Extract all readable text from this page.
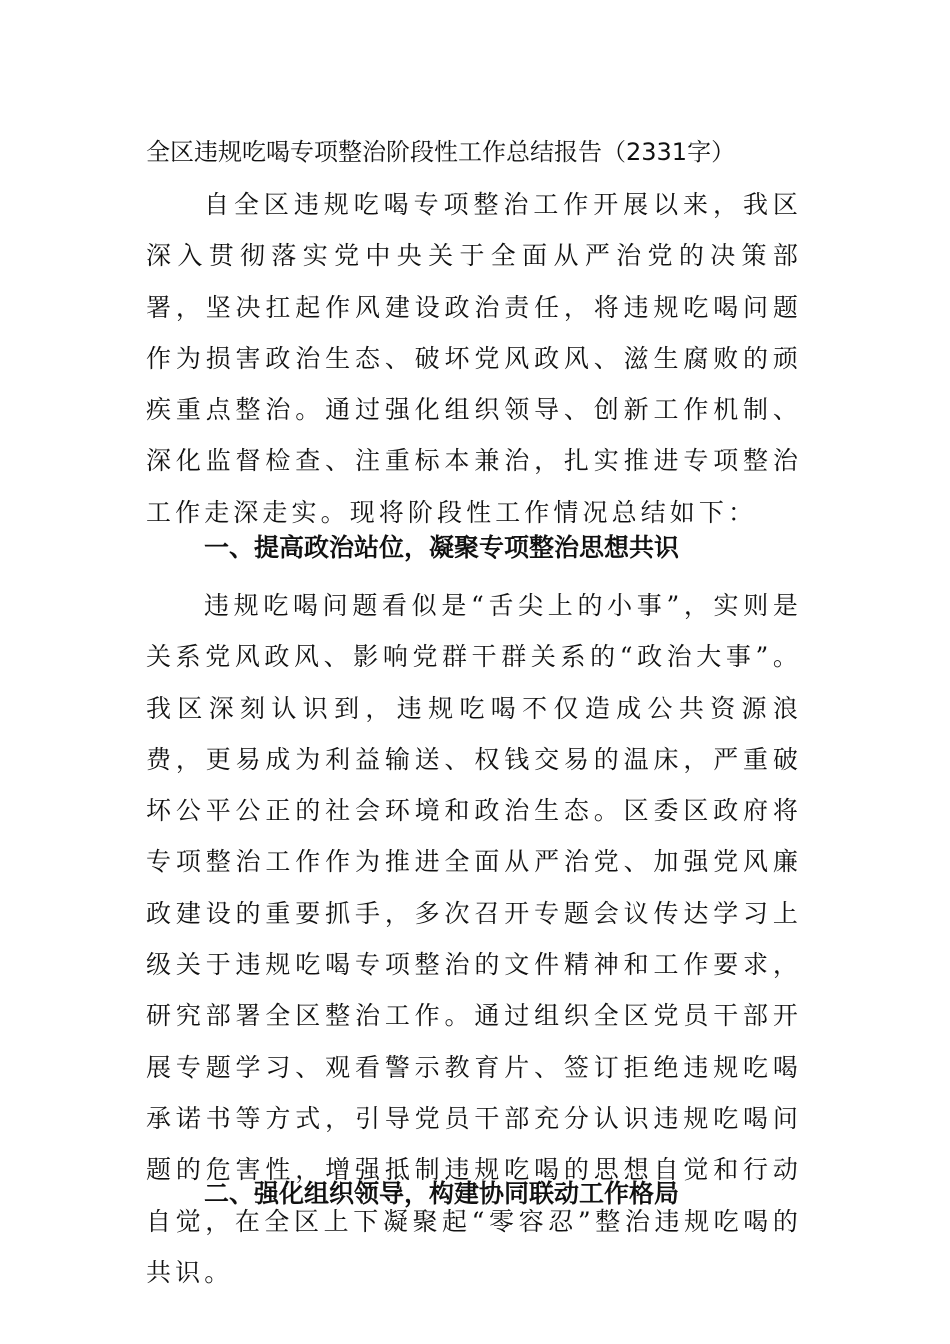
全区违规吃喝专项整治阶段性工作总结报告（2331字）

自全区违规吃喝专项整治工作开展以来，我区深入贯彻落实党中央关于全面从严治党的决策部署，坚决扛起作风建设政治责任，将违规吃喝问题作为损害政治生态、破坏党风政风、滋生腐败的顽疾重点整治。通过强化组织领导、创新工作机制、深化监督检查、注重标本兼治，扎实推进专项整治工作走深走实。现将阶段性工作情况总结如下：

一、提高政治站位，凝聚专项整治思想共识

违规吃喝问题看似是“舌尖上的小事”，实则是关系党风政风、影响党群干群关系的“政治大事”。我区深刻认识到，违规吃喝不仅造成公共资源浪费，更易成为利益输送、权钱交易的温床，严重破坏公平公正的社会环境和政治生态。区委区政府将专项整治工作作为推进全面从严治党、加强党风廉政建设的重要抓手，多次召开专题会议传达学习上级关于违规吃喝专项整治的文件精神和工作要求，研究部署全区整治工作。通过组织全区党员干部开展专题学习、观看警示教育片、签订拒绝违规吃喝承诺书等方式，引导党员干部充分认识违规吃喝问题的危害性，增强抵制违规吃喝的思想自觉和行动自觉，在全区上下凝聚起“零容忍”整治违规吃喝的共识。

二、强化组织领导，构建协同联动工作格局
